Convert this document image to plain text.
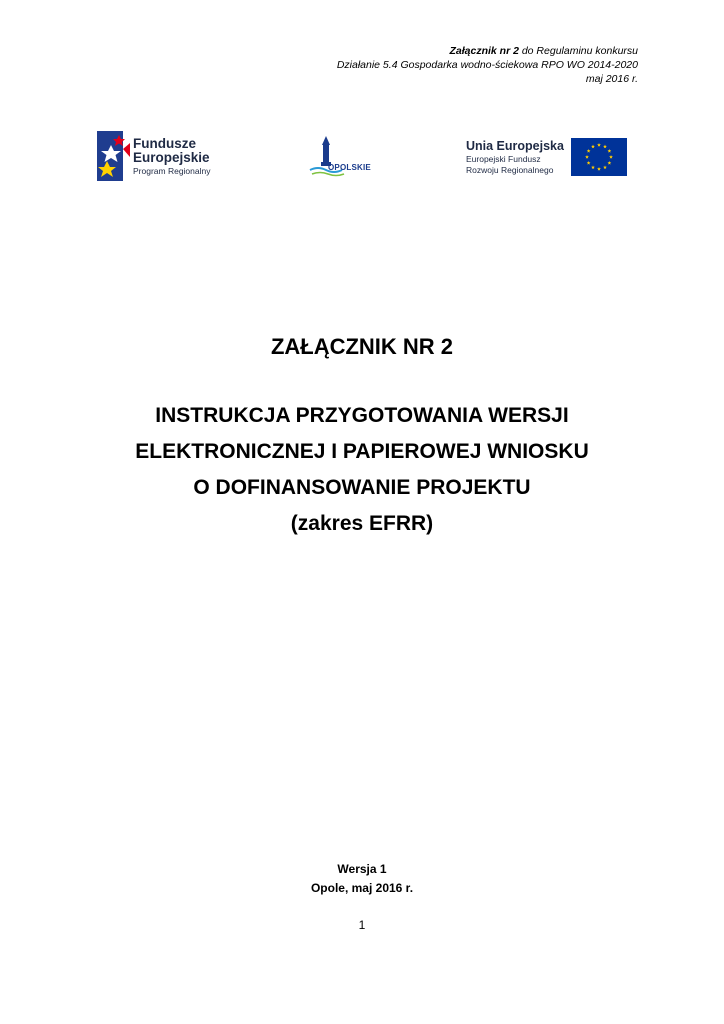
Załącznik nr 2 do Regulaminu konkursu
Działanie 5.4 Gospodarka wodno-ściekowa RPO WO 2014-2020
maj 2016 r.
Fundusze
Europejskie
Program Regionalny	OPOLSKIE
Unia Europejska
Europejski Fundusz
Rozwoju Regionalnego
ZAŁĄCZNIK NR 2
INSTRUKCJA PRZYGOTOWANIA WERSJI
ELEKTRONICZNEJ I PAPIEROWEJ WNIOSKU
O DOFINANSOWANIE PROJEKTU
(zakres EFRR)
Wersja 1
Opole, maj 2016 r.
1
